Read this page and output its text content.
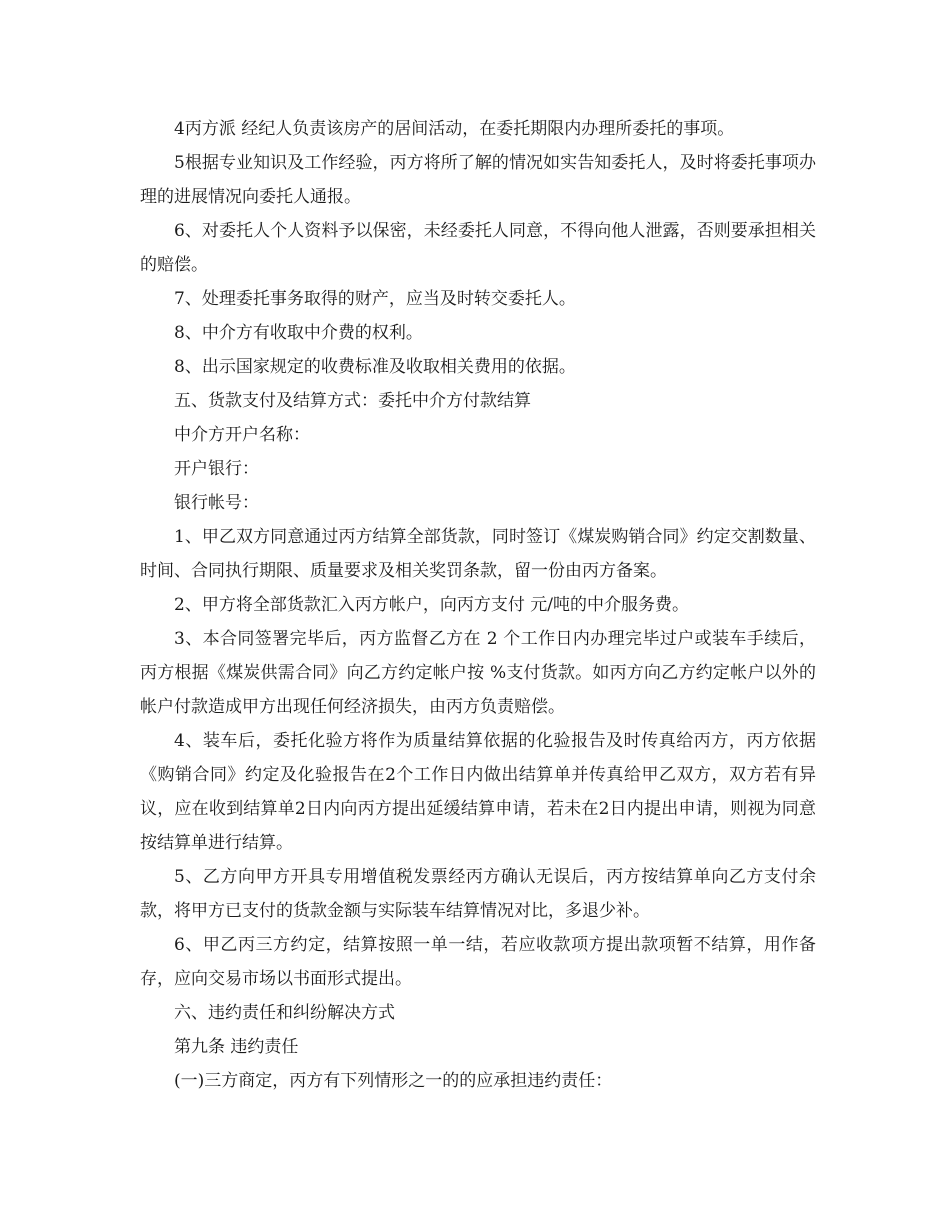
4丙方派 经纪人负责该房产的居间活动，在委托期限内办理所委托的事项。

5根据专业知识及工作经验，丙方将所了解的情况如实告知委托人，及时将委托事项办理的进展情况向委托人通报。

6、对委托人个人资料予以保密，未经委托人同意，不得向他人泄露，否则要承担相关的赔偿。

7、处理委托事务取得的财产，应当及时转交委托人。

8、中介方有收取中介费的权利。

8、出示国家规定的收费标准及收取相关费用的依据。

五、货款支付及结算方式：委托中介方付款结算

中介方开户名称：

开户银行：

银行帐号：

1、甲乙双方同意通过丙方结算全部货款，同时签订《煤炭购销合同》约定交割数量、时间、合同执行期限、质量要求及相关奖罚条款，留一份由丙方备案。

2、甲方将全部货款汇入丙方帐户，向丙方支付 元/吨的中介服务费。

3、本合同签署完毕后，丙方监督乙方在 2 个工作日内办理完毕过户或装车手续后，丙方根据《煤炭供需合同》向乙方约定帐户按 %支付货款。如丙方向乙方约定帐户以外的帐户付款造成甲方出现任何经济损失，由丙方负责赔偿。

4、装车后，委托化验方将作为质量结算依据的化验报告及时传真给丙方，丙方依据《购销合同》约定及化验报告在2个工作日内做出结算单并传真给甲乙双方，双方若有异议，应在收到结算单2日内向丙方提出延缓结算申请，若未在2日内提出申请，则视为同意按结算单进行结算。

5、乙方向甲方开具专用增值税发票经丙方确认无误后，丙方按结算单向乙方支付余款，将甲方已支付的货款金额与实际装车结算情况对比，多退少补。

6、甲乙丙三方约定，结算按照一单一结，若应收款项方提出款项暂不结算，用作备存，应向交易市场以书面形式提出。

六、违约责任和纠纷解决方式

第九条 违约责任

(一)三方商定，丙方有下列情形之一的的应承担违约责任：
